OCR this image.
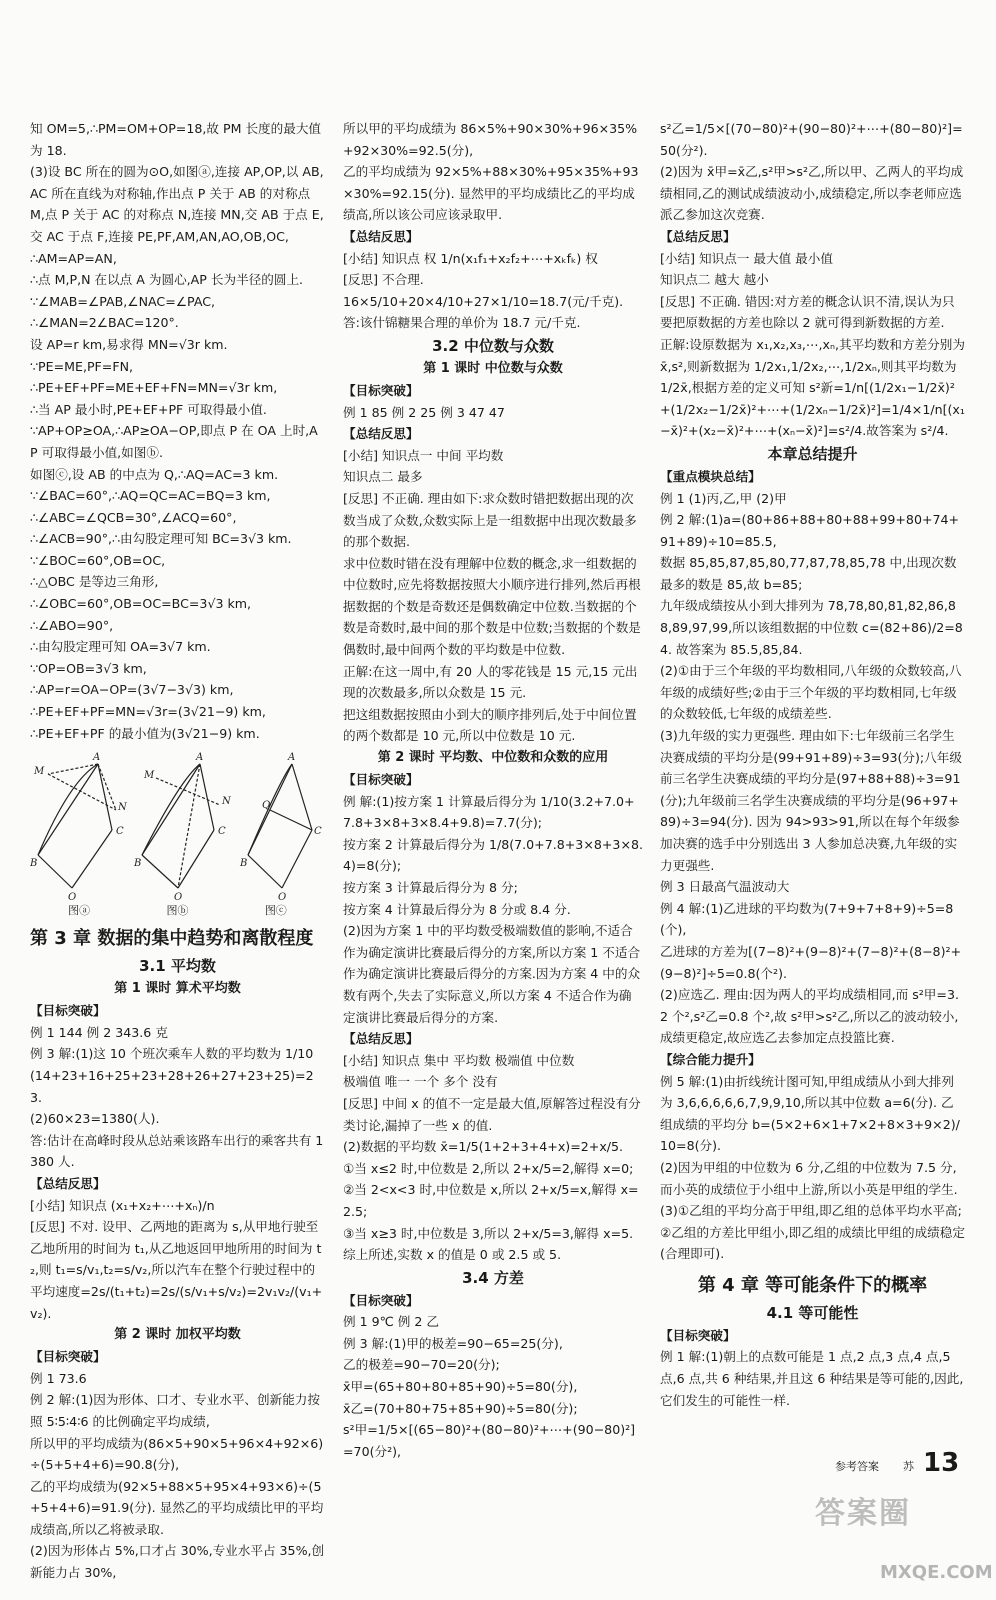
知 OM=5,∴PM=OM+OP=18,故 PM 长度的最大值为 18.

(3)设 BC 所在的圆为⊙O,如图ⓐ,连接 AP,OP,以 AB,AC 所在直线为对称轴,作出点 P 关于 AB 的对称点 M,点 P 关于 AC 的对称点 N,连接 MN,交 AB 于点 E,交 AC 于点 F,连接 PE,PF,AM,AN,AO,OB,OC,

∴AM=AP=AN,

∴点 M,P,N 在以点 A 为圆心,AP 长为半径的圆上.

∵∠MAB=∠PAB,∠NAC=∠PAC,

∴∠MAN=2∠BAC=120°.

设 AP=r km,易求得 MN=√3r km.

∵PE=ME,PF=FN,

∴PE+EF+PF=ME+EF+FN=MN=√3r km,

∴当 AP 最小时,PE+EF+PF 可取得最小值.

∵AP+OP≥OA,∴AP≥OA−OP,即点 P 在 OA 上时,AP 可取得最小值,如图ⓑ.

如图ⓒ,设 AB 的中点为 Q,∴AQ=AC=3 km.

∵∠BAC=60°,∴AQ=QC=AC=BQ=3 km,

∴∠ABC=∠QCB=30°,∠ACQ=60°,

∴∠ACB=90°,∴由勾股定理可知 BC=3√3 km.

∵∠BOC=60°,OB=OC,

∴△OBC 是等边三角形,

∴∠OBC=60°,OB=OC=BC=3√3 km,

∴∠ABO=90°,

∴由勾股定理可知 OA=3√7 km.

∵OP=OB=3√3 km,

∴AP=r=OA−OP=(3√7−3√3) km,

∴PE+EF+PF=MN=√3r=(3√21−9) km,

∴PE+EF+PF 的最小值为(3√21−9) km.

A
M
B
C
N
O
A
M
B
C
N
O
A
Q
B
C
O
图ⓐ	图ⓑ	图ⓒ
第 3 章 数据的集中趋势和离散程度
3.1 平均数
第 1 课时 算术平均数

【目标突破】

例 1 144 例 2 343.6 克

例 3 解:(1)这 10 个班次乘车人数的平均数为 1/10(14+23+16+25+23+28+26+27+23+25)=23.

(2)60×23=1380(人).

答:估计在高峰时段从总站乘该路车出行的乘客共有 1380 人.

【总结反思】

[小结] 知识点 (x₁+x₂+⋯+xₙ)/n

[反思] 不对. 设甲、乙两地的距离为 s,从甲地行驶至乙地所用的时间为 t₁,从乙地返回甲地所用的时间为 t₂,则 t₁=s/v₁,t₂=s/v₂,所以汽车在整个行驶过程中的平均速度=2s/(t₁+t₂)=2s/(s/v₁+s/v₂)=2v₁v₂/(v₁+v₂).

第 2 课时 加权平均数

【目标突破】

例 1 73.6

例 2 解:(1)因为形体、口才、专业水平、创新能力按照 5∶5∶4∶6 的比例确定平均成绩,

所以甲的平均成绩为(86×5+90×5+96×4+92×6)÷(5+5+4+6)=90.8(分),

乙的平均成绩为(92×5+88×5+95×4+93×6)÷(5+5+4+6)=91.9(分). 显然乙的平均成绩比甲的平均成绩高,所以乙将被录取.

(2)因为形体占 5%,口才占 30%,专业水平占 35%,创新能力占 30%,

所以甲的平均成绩为 86×5%+90×30%+96×35%+92×30%=92.5(分),

乙的平均成绩为 92×5%+88×30%+95×35%+93×30%=92.15(分). 显然甲的平均成绩比乙的平均成绩高,所以该公司应该录取甲.

【总结反思】

[小结] 知识点 权 1/n(x₁f₁+x₂f₂+⋯+xₖfₖ) 权

[反思] 不合理.

16×5/10+20×4/10+27×1/10=18.7(元/千克).

答:该什锦糖果合理的单价为 18.7 元/千克.

3.2 中位数与众数
第 1 课时 中位数与众数

【目标突破】

例 1 85 例 2 25 例 3 47 47

【总结反思】

[小结] 知识点一 中间 平均数

知识点二 最多

[反思] 不正确. 理由如下:求众数时错把数据出现的次数当成了众数,众数实际上是一组数据中出现次数最多的那个数据.

求中位数时错在没有理解中位数的概念,求一组数据的中位数时,应先将数据按照大小顺序进行排列,然后再根据数据的个数是奇数还是偶数确定中位数.当数据的个数是奇数时,最中间的那个数是中位数;当数据的个数是偶数时,最中间两个数的平均数是中位数.

正解:在这一周中,有 20 人的零花钱是 15 元,15 元出现的次数最多,所以众数是 15 元.

把这组数据按照由小到大的顺序排列后,处于中间位置的两个数都是 10 元,所以中位数是 10 元.

第 2 课时 平均数、中位数和众数的应用

【目标突破】

例 解:(1)按方案 1 计算最后得分为 1/10(3.2+7.0+7.8+3×8+3×8.4+9.8)=7.7(分);

按方案 2 计算最后得分为 1/8(7.0+7.8+3×8+3×8.4)=8(分);

按方案 3 计算最后得分为 8 分;

按方案 4 计算最后得分为 8 分或 8.4 分.

(2)因为方案 1 中的平均数受极端数值的影响,不适合作为确定演讲比赛最后得分的方案,所以方案 1 不适合作为确定演讲比赛最后得分的方案.因为方案 4 中的众数有两个,失去了实际意义,所以方案 4 不适合作为确定演讲比赛最后得分的方案.

【总结反思】

[小结] 知识点 集中 平均数 极端值 中位数

极端值 唯一 一个 多个 没有

[反思] 中间 x 的值不一定是最大值,原解答过程没有分类讨论,漏掉了一些 x 的值.

(2)数据的平均数 x̄=1/5(1+2+3+4+x)=2+x/5.

①当 x≤2 时,中位数是 2,所以 2+x/5=2,解得 x=0;

②当 2<x<3 时,中位数是 x,所以 2+x/5=x,解得 x=2.5;

③当 x≥3 时,中位数是 3,所以 2+x/5=3,解得 x=5.

综上所述,实数 x 的值是 0 或 2.5 或 5.

3.4 方差

【目标突破】

例 1 9℃ 例 2 乙

例 3 解:(1)甲的极差=90−65=25(分),

乙的极差=90−70=20(分);

x̄甲=(65+80+80+85+90)÷5=80(分),

x̄乙=(70+80+75+85+90)÷5=80(分);

s²甲=1/5×[(65−80)²+(80−80)²+⋯+(90−80)²]=70(分²),

s²乙=1/5×[(70−80)²+(90−80)²+⋯+(80−80)²]=50(分²).

(2)因为 x̄甲=x̄乙,s²甲>s²乙,所以甲、乙两人的平均成绩相同,乙的测试成绩波动小,成绩稳定,所以李老师应选派乙参加这次竞赛.

【总结反思】

[小结] 知识点一 最大值 最小值

知识点二 越大 越小

[反思] 不正确. 错因:对方差的概念认识不清,误认为只要把原数据的方差也除以 2 就可得到新数据的方差.

正解:设原数据为 x₁,x₂,x₃,⋯,xₙ,其平均数和方差分别为 x̄,s²,则新数据为 1/2x₁,1/2x₂,⋯,1/2xₙ,则其平均数为 1/2x̄,根据方差的定义可知 s²新=1/n[(1/2x₁−1/2x̄)²+(1/2x₂−1/2x̄)²+⋯+(1/2xₙ−1/2x̄)²]=1/4×1/n[(x₁−x̄)²+(x₂−x̄)²+⋯+(xₙ−x̄)²]=s²/4.故答案为 s²/4.

本章总结提升

【重点模块总结】

例 1 (1)丙,乙,甲 (2)甲

例 2 解:(1)a=(80+86+88+80+88+99+80+74+91+89)÷10=85.5,

数据 85,85,87,85,80,77,87,78,85,78 中,出现次数最多的数是 85,故 b=85;

九年级成绩按从小到大排列为 78,78,80,81,82,86,88,89,97,99,所以该组数据的中位数 c=(82+86)/2=84. 故答案为 85.5,85,84.

(2)①由于三个年级的平均数相同,八年级的众数较高,八年级的成绩好些;②由于三个年级的平均数相同,七年级的众数较低,七年级的成绩差些.

(3)九年级的实力更强些. 理由如下:七年级前三名学生决赛成绩的平均分是(99+91+89)÷3=93(分);八年级前三名学生决赛成绩的平均分是(97+88+88)÷3=91(分);九年级前三名学生决赛成绩的平均分是(96+97+89)÷3=94(分). 因为 94>93>91,所以在每个年级参加决赛的选手中分别选出 3 人参加总决赛,九年级的实力更强些.

例 3 日最高气温波动大

例 4 解:(1)乙进球的平均数为(7+9+7+8+9)÷5=8(个),

乙进球的方差为[(7−8)²+(9−8)²+(7−8)²+(8−8)²+(9−8)²]÷5=0.8(个²).

(2)应选乙. 理由:因为两人的平均成绩相同,而 s²甲=3.2 个²,s²乙=0.8 个²,故 s²甲>s²乙,所以乙的波动较小,成绩更稳定,故应选乙去参加定点投篮比赛.

【综合能力提升】

例 5 解:(1)由折线统计图可知,甲组成绩从小到大排列为 3,6,6,6,6,6,7,9,9,10,所以其中位数 a=6(分). 乙组成绩的平均分 b=(5×2+6×1+7×2+8×3+9×2)/10=8(分).

(2)因为甲组的中位数为 6 分,乙组的中位数为 7.5 分,而小英的成绩位于小组中上游,所以小英是甲组的学生.

(3)①乙组的平均分高于甲组,即乙组的总体平均水平高;②乙组的方差比甲组小,即乙组的成绩比甲组的成绩稳定(合理即可).

第 4 章 等可能条件下的概率
4.1 等可能性

【目标突破】

例 1 解:(1)朝上的点数可能是 1 点,2 点,3 点,4 点,5 点,6 点,共 6 种结果,并且这 6 种结果是等可能的,因此,它们发生的可能性一样.

参考答案 苏 13
答案圈
MXQE.COM
